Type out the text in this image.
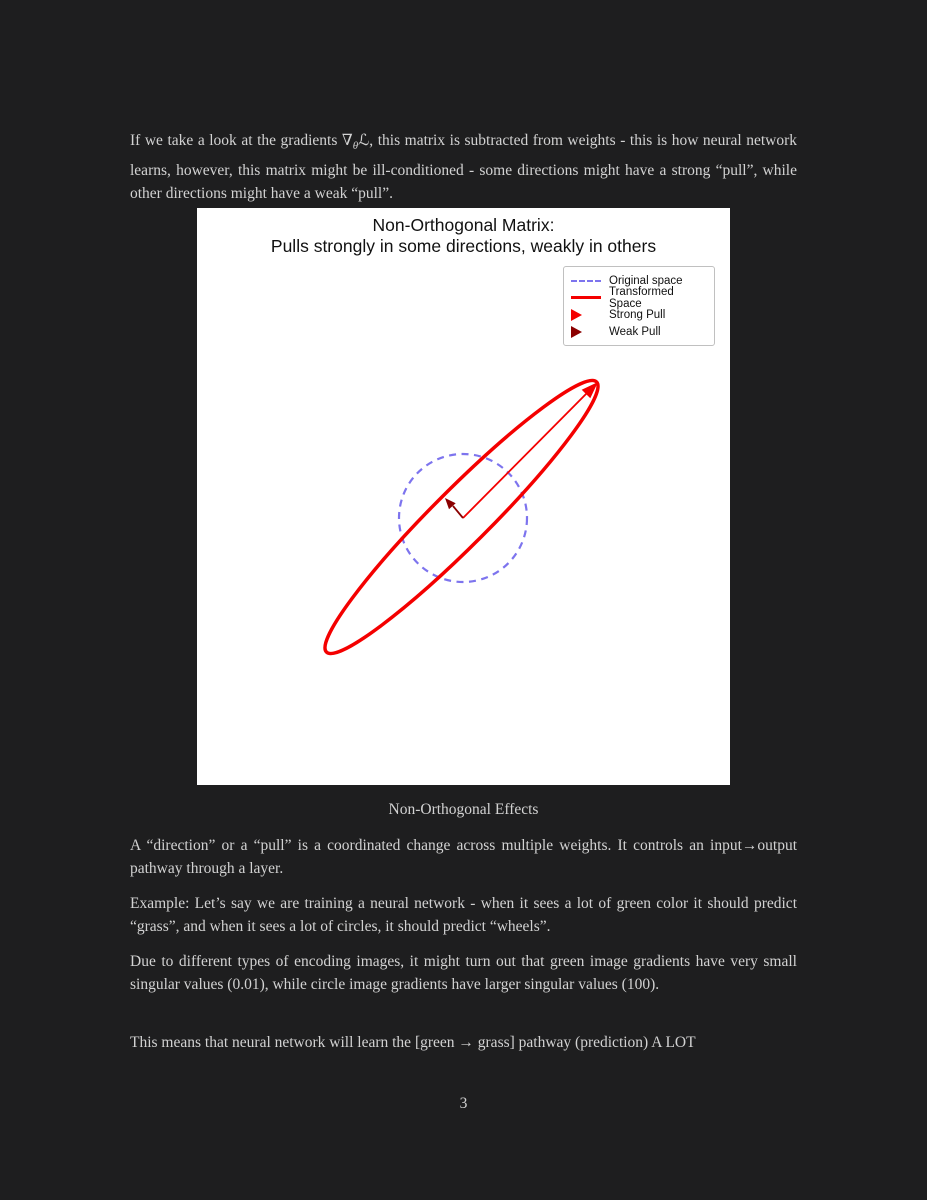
If we take a look at the gradients $\nabla_\theta ℒ$, this matrix is subtracted from weights - this is how neural network learns, however, this matrix might be ill-conditioned - some directions might have a strong “pull”, while other directions might have a weak “pull”.

Non-Orthogonal Matrix:
Pulls strongly in some directions, weakly in others
Original space
Transformed Space
Strong Pull
Weak Pull

Non-Orthogonal Effects

A “direction” or a “pull” is a coordinated change across multiple weights. It controls an input→output pathway through a layer.

Example: Let’s say we are training a neural network - when it sees a lot of green color it should predict “grass”, and when it sees a lot of circles, it should predict “wheels”.

Due to different types of encoding images, it might turn out that green image gradients have very small singular values (0.01), while circle image gradients have larger singular values (100).

This means that neural network will learn the [green → grass] pathway (prediction) A LOT

3
